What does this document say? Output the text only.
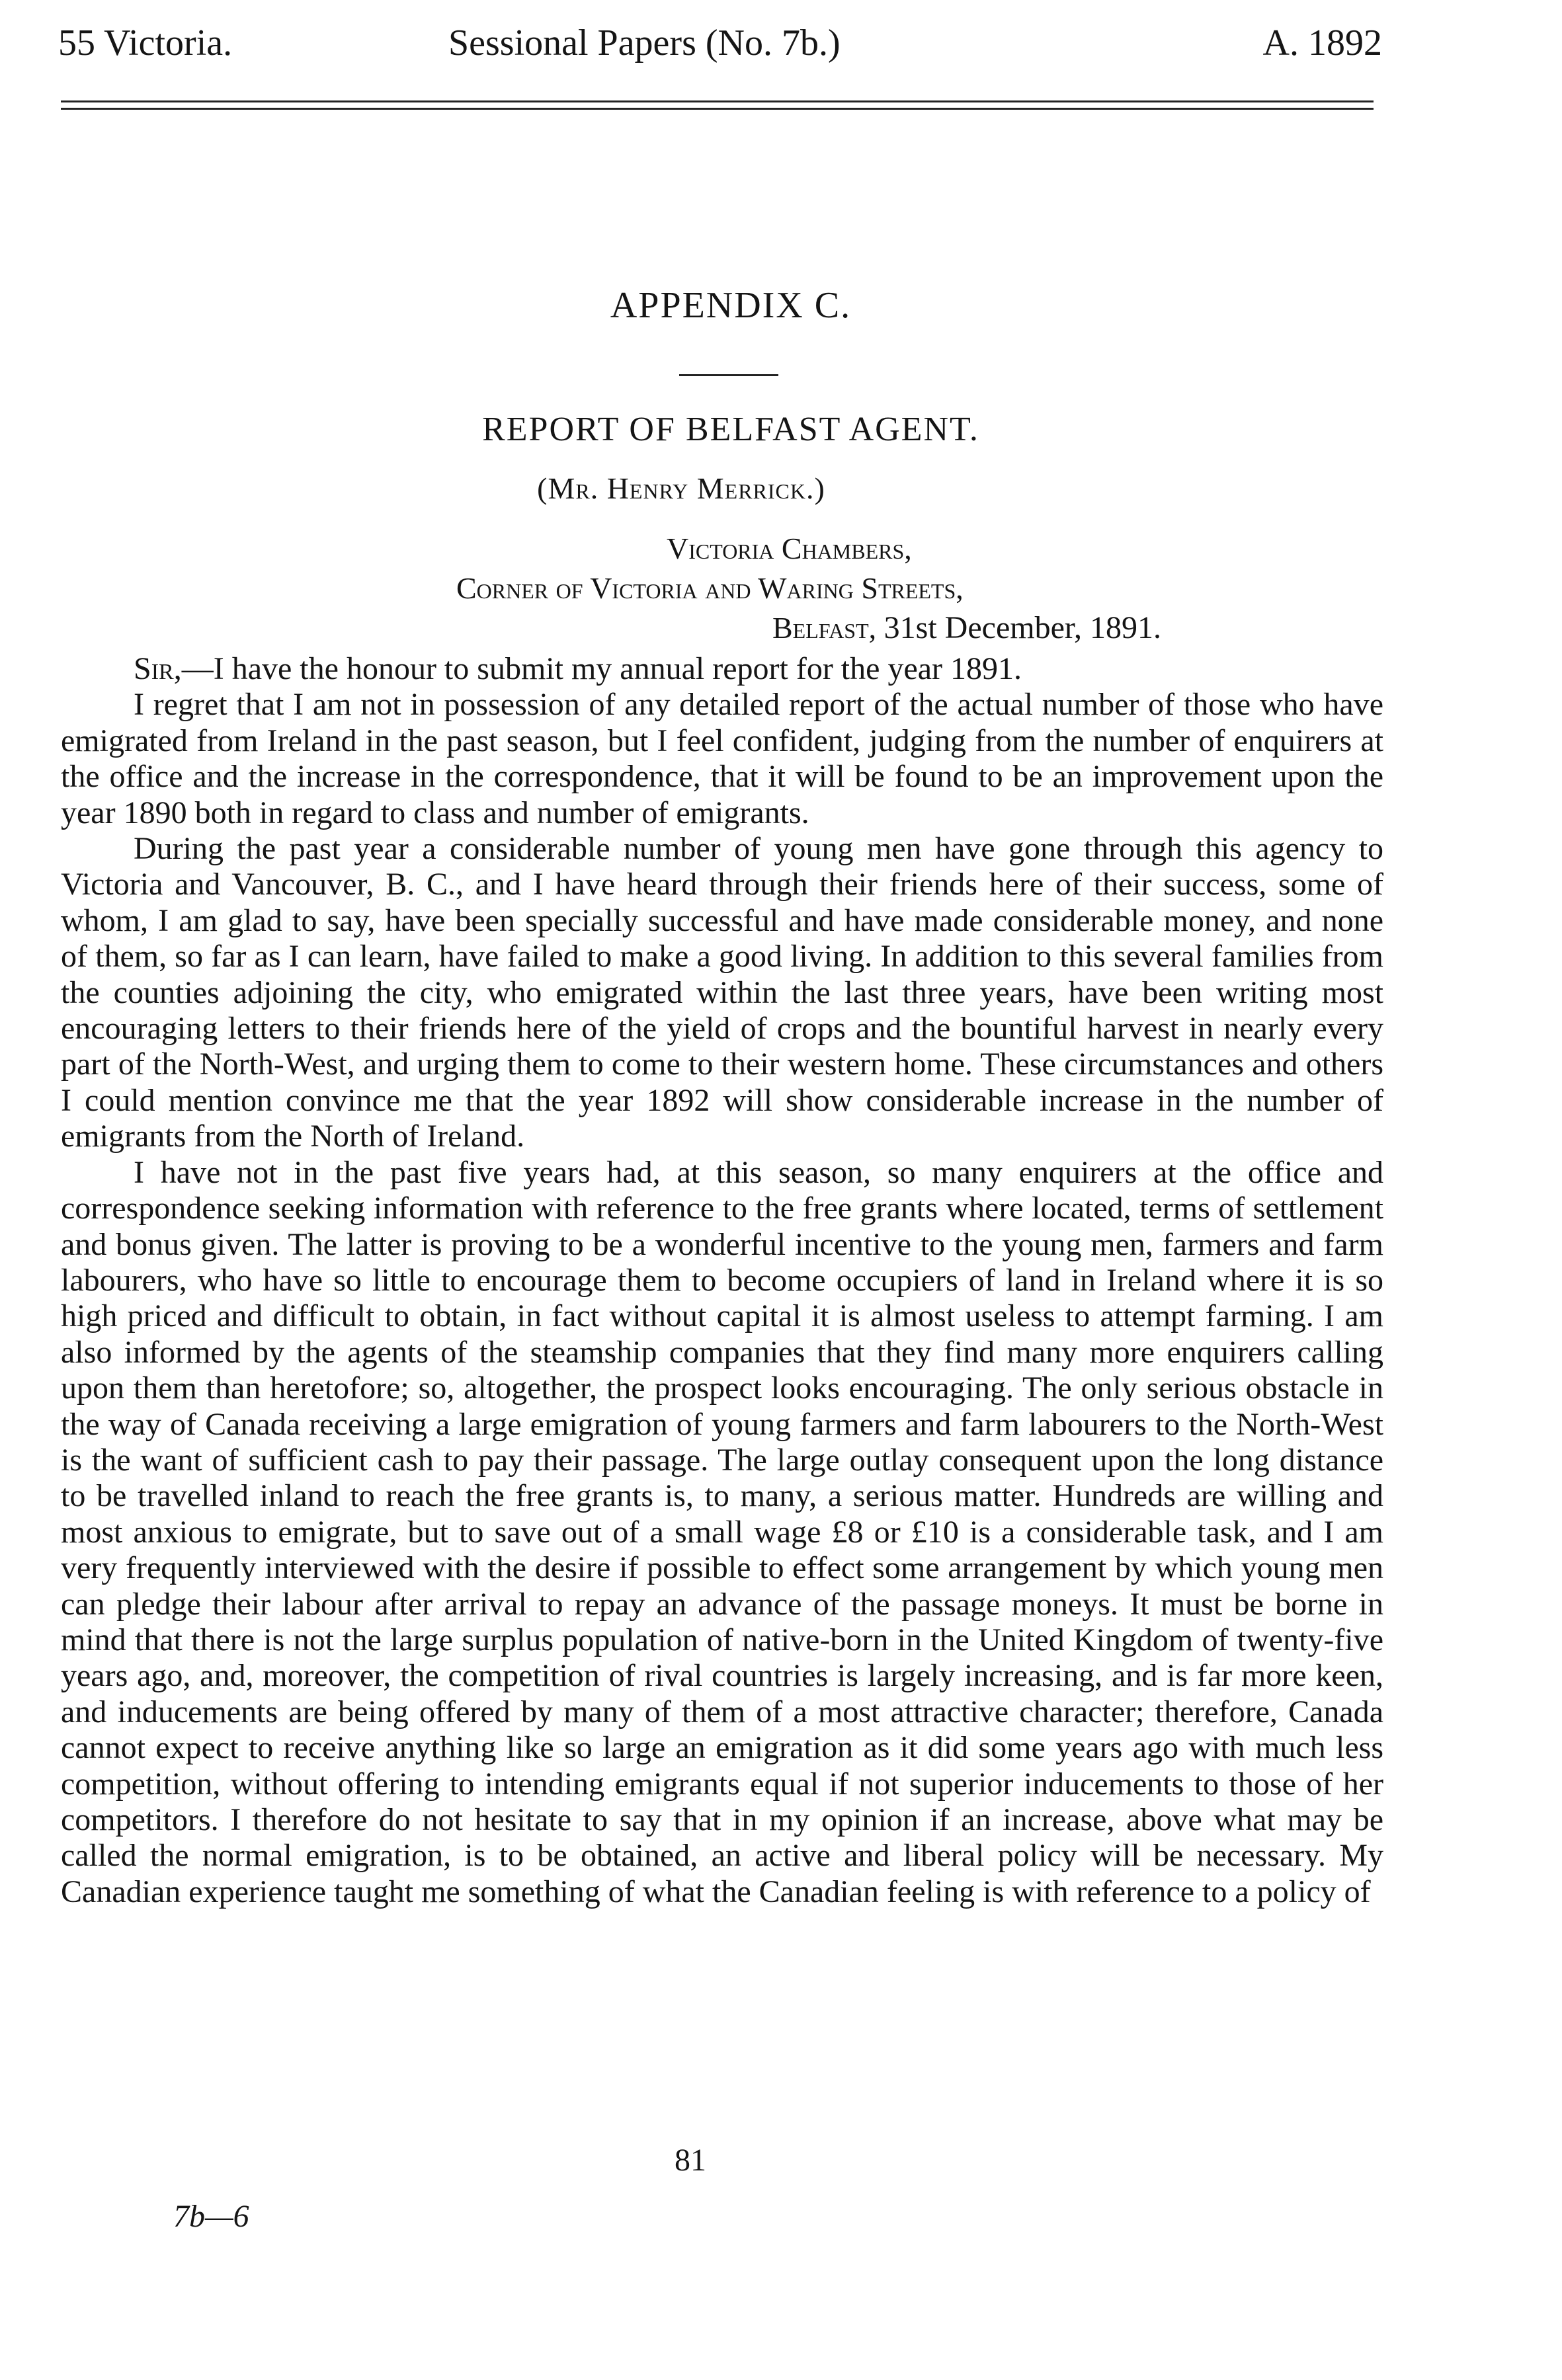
55 Victoria.	Sessional Papers (No. 7b.)	A. 1892
APPENDIX C.
REPORT OF BELFAST AGENT.
(Mr. Henry Merrick.)
Victoria Chambers,
Corner of Victoria and Waring Streets,
Belfast, 31st December, 1891.

Sir,—I have the honour to submit my annual report for the year 1891.

I regret that I am not in possession of any detailed report of the actual number of those who have emigrated from Ireland in the past season, but I feel confident, judging from the number of enquirers at the office and the increase in the correspondence, that it will be found to be an improvement upon the year 1890 both in regard to class and number of emigrants.

During the past year a considerable number of young men have gone through this agency to Victoria and Vancouver, B. C., and I have heard through their friends here of their success, some of whom, I am glad to say, have been specially successful and have made considerable money, and none of them, so far as I can learn, have failed to make a good living. In addition to this several families from the counties adjoining the city, who emigrated within the last three years, have been writing most encouraging letters to their friends here of the yield of crops and the bountiful harvest in nearly every part of the North-West, and urging them to come to their western home. These circumstances and others I could mention convince me that the year 1892 will show considerable increase in the number of emigrants from the North of Ireland.

I have not in the past five years had, at this season, so many enquirers at the office and correspondence seeking information with reference to the free grants where located, terms of settlement and bonus given. The latter is proving to be a wonderful incentive to the young men, farmers and farm labourers, who have so little to encourage them to become occupiers of land in Ireland where it is so high priced and difficult to obtain, in fact without capital it is almost useless to attempt farming. I am also informed by the agents of the steamship companies that they find many more enquirers calling upon them than heretofore; so, altogether, the prospect looks encouraging. The only serious obstacle in the way of Canada receiving a large emigration of young farmers and farm labourers to the North-West is the want of sufficient cash to pay their passage. The large outlay consequent upon the long distance to be travelled inland to reach the free grants is, to many, a serious matter. Hundreds are willing and most anxious to emigrate, but to save out of a small wage £8 or £10 is a considerable task, and I am very frequently interviewed with the desire if possible to effect some arrangement by which young men can pledge their labour after arrival to repay an advance of the passage moneys. It must be borne in mind that there is not the large surplus population of native-born in the United Kingdom of twenty-five years ago, and, moreover, the competition of rival countries is largely increasing, and is far more keen, and inducements are being offered by many of them of a most attractive character; therefore, Canada cannot expect to receive anything like so large an emigration as it did some years ago with much less competition, without offering to intending emigrants equal if not superior inducements to those of her competitors. I therefore do not hesitate to say that in my opinion if an increase, above what may be called the normal emigration, is to be obtained, an active and liberal policy will be necessary. My Canadian experience taught me something of what the Canadian feeling is with reference to a policy of

81
7b—6
